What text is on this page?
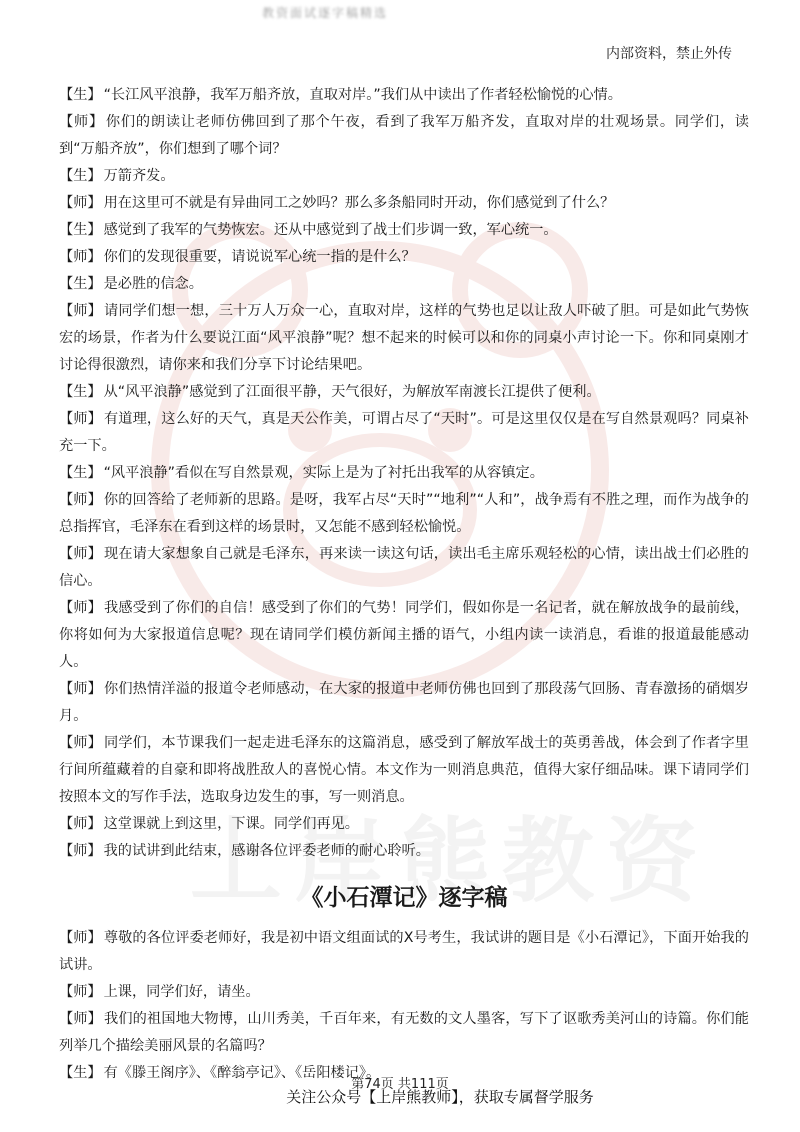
教资面试逐字稿精选
内部资料，禁止外传

【生】 “长江风平浪静，我军万船齐放，直取对岸。”我们从中读出了作者轻松愉悦的心情。

【师】 你们的朗读让老师仿佛回到了那个午夜，看到了我军万船齐发，直取对岸的壮观场景。同学们，读到“万船齐放”，你们想到了哪个词？

【生】 万箭齐发。

【师】 用在这里可不就是有异曲同工之妙吗？那么多条船同时开动，你们感觉到了什么？

【生】 感觉到了我军的气势恢宏。还从中感觉到了战士们步调一致，军心统一。

【师】 你们的发现很重要，请说说军心统一指的是什么？

【生】 是必胜的信念。

【师】 请同学们想一想，三十万人万众一心，直取对岸，这样的气势也足以让敌人吓破了胆。可是如此气势恢宏的场景，作者为什么要说江面“风平浪静”呢？想不起来的时候可以和你的同桌小声讨论一下。你和同桌刚才讨论得很激烈，请你来和我们分享下讨论结果吧。

【生】 从“风平浪静”感觉到了江面很平静，天气很好，为解放军南渡长江提供了便利。

【师】 有道理，这么好的天气，真是天公作美，可谓占尽了“天时”。可是这里仅仅是在写自然景观吗？同桌补充一下。

【生】 “风平浪静”看似在写自然景观，实际上是为了衬托出我军的从容镇定。

【师】 你的回答给了老师新的思路。是呀，我军占尽“天时”“地利”“人和”，战争焉有不胜之理，而作为战争的总指挥官，毛泽东在看到这样的场景时，又怎能不感到轻松愉悦。

【师】 现在请大家想象自己就是毛泽东，再来读一读这句话，读出毛主席乐观轻松的心情，读出战士们必胜的信心。

【师】 我感受到了你们的自信！感受到了你们的气势！同学们，假如你是一名记者，就在解放战争的最前线，你将如何为大家报道信息呢？现在请同学们模仿新闻主播的语气，小组内读一读消息，看谁的报道最能感动人。

【师】 你们热情洋溢的报道令老师感动，在大家的报道中老师仿佛也回到了那段荡气回肠、青春激扬的硝烟岁月。

【师】 同学们，本节课我们一起走进毛泽东的这篇消息，感受到了解放军战士的英勇善战，体会到了作者字里行间所蕴藏着的自豪和即将战胜敌人的喜悦心情。本文作为一则消息典范，值得大家仔细品味。课下请同学们按照本文的写作手法，选取身边发生的事，写一则消息。

【师】 这堂课就上到这里，下课。同学们再见。

【师】 我的试讲到此结束，感谢各位评委老师的耐心聆听。

《小石潭记》逐字稿

【师】 尊敬的各位评委老师好，我是初中语文组面试的X号考生，我试讲的题目是《小石潭记》，下面开始我的试讲。

【师】 上课，同学们好，请坐。

【师】 我们的祖国地大物博，山川秀美，千百年来，有无数的文人墨客，写下了讴歌秀美河山的诗篇。你们能列举几个描绘美丽风景的名篇吗？

【生】 有《滕王阁序》、《醉翁亭记》、《岳阳楼记》。

第74页 共111页
关注公众号【上岸熊教师】，获取专属督学服务
